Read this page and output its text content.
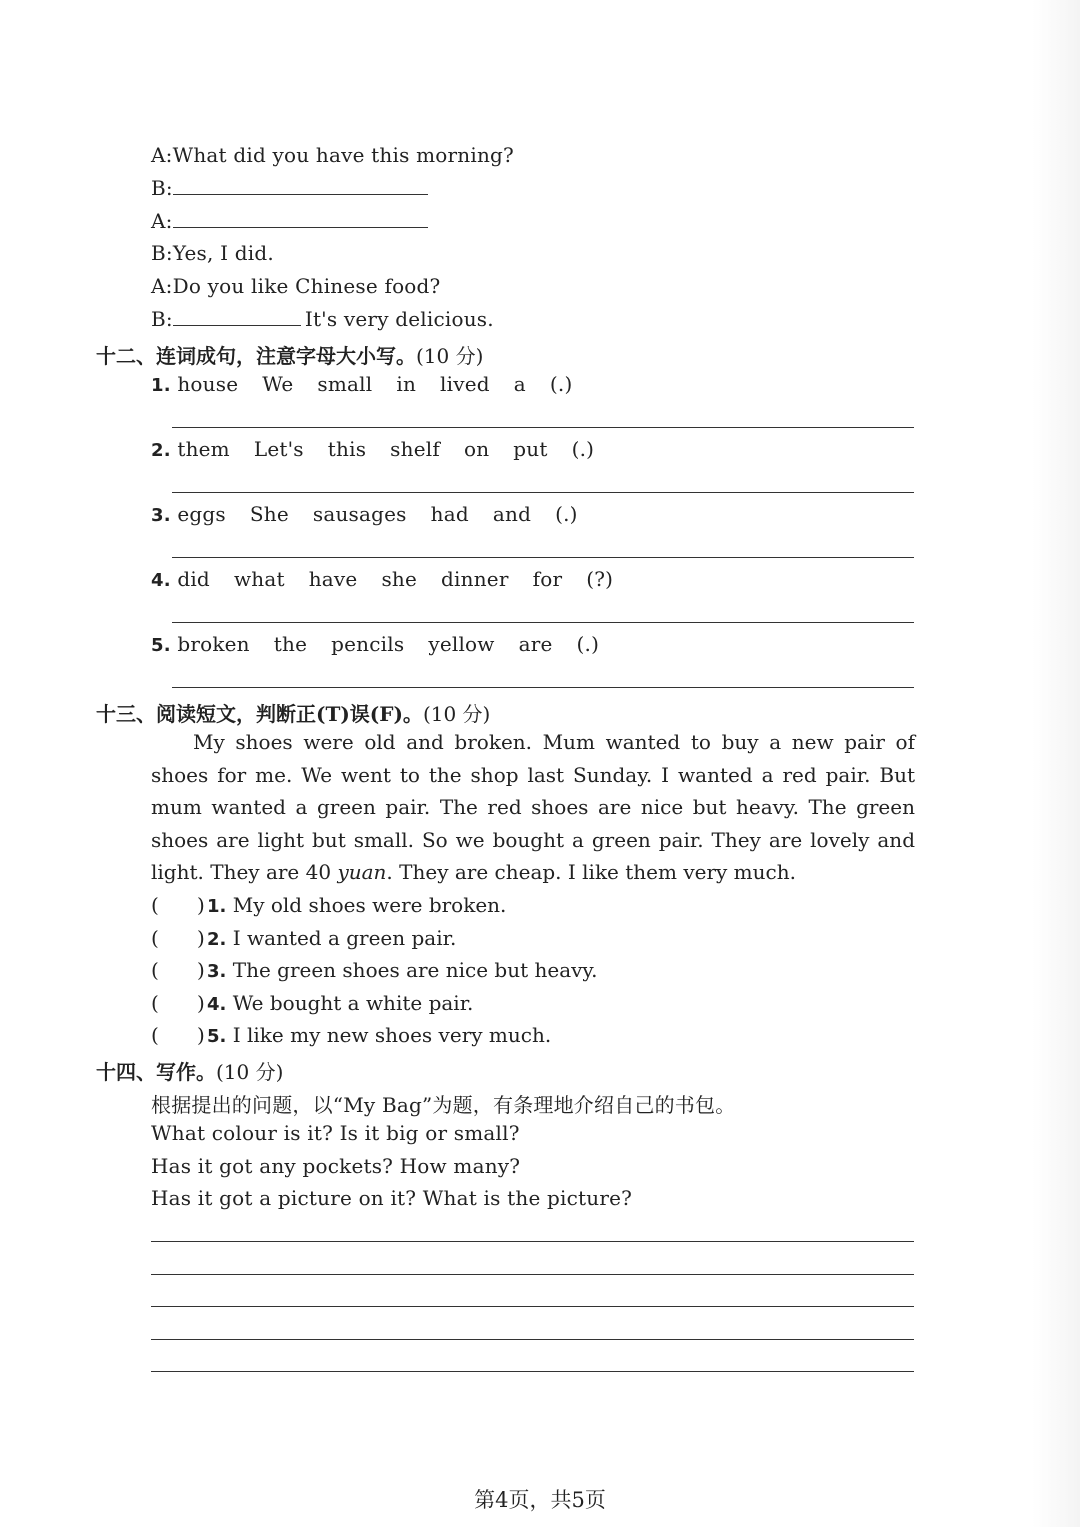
A:What did you have this morning?
B:
A:
B:Yes, I did.
A:Do you like Chinese food?
B:	It's very delicious.
十二、连词成句，注意字母大小写。(10 分)
1. house We small in lived a (.)
2. them Let's this shelf on put (.)
3. eggs She sausages had and (.)
4. did what have she dinner for (?)
5. broken the pencils yellow are (.)
十三、阅读短文，判断正(T)误(F)。(10 分)

My shoes were old and broken. Mum wanted to buy a new pair of shoes for me. We went to the shop last Sunday. I wanted a red pair. But mum wanted a green pair. The red shoes are nice but heavy. The green shoes are light but small. So we bought a green pair. They are lovely and light. They are 40 yuan. They are cheap. I like them very much.

(      ) 1. My old shoes were broken.
(      ) 2. I wanted a green pair.
(      ) 3. The green shoes are nice but heavy.
(      ) 4. We bought a white pair.
(      ) 5. I like my new shoes very much.
十四、写作。(10 分)
根据提出的问题，以“My Bag”为题，有条理地介绍自己的书包。
What colour is it? Is it big or small?
Has it got any pockets? How many?
Has it got a picture on it? What is the picture?
第4页，共5页
